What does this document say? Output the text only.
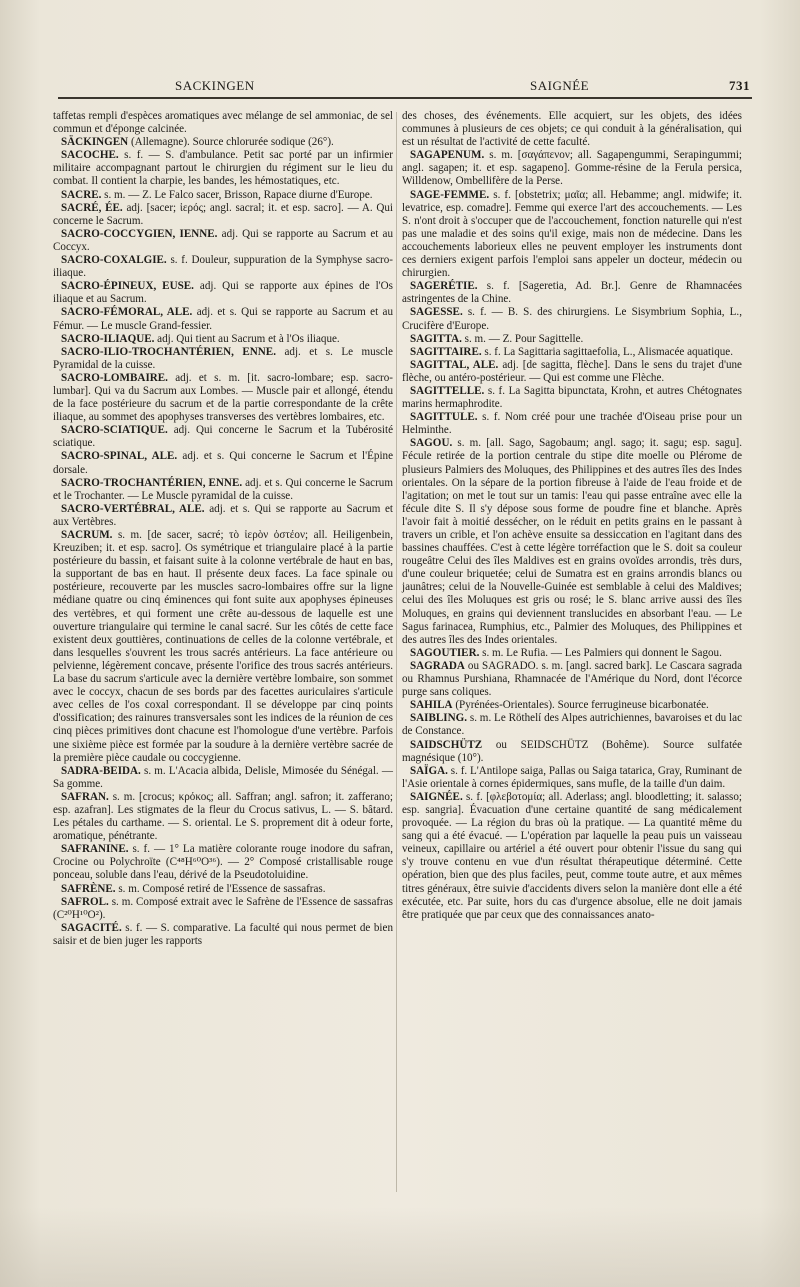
SACKINGEN	SAIGNÉE	731

taffetas rempli d'espèces aromatiques avec mélange de sel ammoniac, de sel commun et d'éponge calcinée.

SÄCKINGEN (Allemagne). Source chlorurée sodique (26°).

SACOCHE. s. f. — S. d'ambulance. Petit sac porté par un infirmier militaire accompagnant partout le chirurgien du régiment sur le lieu du combat. Il contient la charpie, les bandes, les hémostatiques, etc.

SACRE. s. m. — Z. Le Falco sacer, Brisson, Rapace diurne d'Europe.

SACRÉ, ÉE. adj. [sacer; ἱερός; angl. sacral; it. et esp. sacro]. — A. Qui concerne le Sacrum.

SACRO-COCCYGIEN, IENNE. adj. Qui se rapporte au Sacrum et au Coccyx.

SACRO-COXALGIE. s. f. Douleur, suppuration de la Symphyse sacro-iliaque.

SACRO-ÉPINEUX, EUSE. adj. Qui se rapporte aux épines de l'Os iliaque et au Sacrum.

SACRO-FÉMORAL, ALE. adj. et s. Qui se rapporte au Sacrum et au Fémur. — Le muscle Grand-fessier.

SACRO-ILIAQUE. adj. Qui tient au Sacrum et à l'Os iliaque.

SACRO-ILIO-TROCHANTÉRIEN, ENNE. adj. et s. Le muscle Pyramidal de la cuisse.

SACRO-LOMBAIRE. adj. et s. m. [it. sacro-lombare; esp. sacro-lumbar]. Qui va du Sacrum aux Lombes. — Muscle pair et allongé, étendu de la face postérieure du sacrum et de la partie correspondante de la crête iliaque, au sommet des apophyses transverses des vertèbres lombaires, etc.

SACRO-SCIATIQUE. adj. Qui concerne le Sacrum et la Tubérosité sciatique.

SACRO-SPINAL, ALE. adj. et s. Qui concerne le Sacrum et l'Épine dorsale.

SACRO-TROCHANTÉRIEN, ENNE. adj. et s. Qui concerne le Sacrum et le Trochanter. — Le Muscle pyramidal de la cuisse.

SACRO-VERTÉBRAL, ALE. adj. et s. Qui se rapporte au Sacrum et aux Vertèbres.

SACRUM. s. m. [de sacer, sacré; τὸ ἱερὸν ὀστέον; all. Heiligenbein, Kreuziben; it. et esp. sacro]. Os symétrique et triangulaire placé à la partie postérieure du bassin, et faisant suite à la colonne vertébrale de haut en bas, la supportant de bas en haut. Il présente deux faces. La face spinale ou postérieure, recouverte par les muscles sacro-lombaires offre sur la ligne médiane quatre ou cinq éminences qui font suite aux apophyses épineuses des vertèbres, et qui forment une crête au-dessous de laquelle est une ouverture triangulaire qui termine le canal sacré. Sur les côtés de cette face existent deux gouttières, continuations de celles de la colonne vertébrale, et dans lesquelles s'ouvrent les trous sacrés antérieurs. La face antérieure ou pelvienne, légèrement concave, présente l'orifice des trous sacrés antérieurs. La base du sacrum s'articule avec la dernière vertèbre lombaire, son sommet avec le coccyx, chacun de ses bords par des facettes auriculaires s'articule avec celles de l'os coxal correspondant. Il se développe par cinq points d'ossification; des rainures transversales sont les indices de la réunion de ces cinq pièces primitives dont chacune est l'homologue d'une vertèbre. Parfois une sixième pièce est formée par la soudure à la dernière vertèbre sacrée de la première pièce caudale ou coccygienne.

SADRA-BEIDA. s. m. L'Acacia albida, Delisle, Mimosée du Sénégal. — Sa gomme.

SAFRAN. s. m. [crocus; κρόκος; all. Saffran; angl. safron; it. zafferano; esp. azafran]. Les stigmates de la fleur du Crocus sativus, L. — S. bâtard. Les pétales du carthame. — S. oriental. Le S. proprement dit à odeur forte, aromatique, pénétrante.

SAFRANINE. s. f. — 1° La matière colorante rouge inodore du safran, Crocine ou Polychroïte (C⁴⁸H⁶⁰O³⁶). — 2° Composé cristallisable rouge ponceau, soluble dans l'eau, dérivé de la Pseudotoluidine.

SAFRÈNE. s. m. Composé retiré de l'Essence de sassafras.

SAFROL. s. m. Composé extrait avec le Safrène de l'Essence de sassafras (C²⁰H¹⁰O²).

SAGACITÉ. s. f. — S. comparative. La faculté qui nous permet de bien saisir et de bien juger les rapports

des choses, des événements. Elle acquiert, sur les objets, des idées communes à plusieurs de ces objets; ce qui conduit à la généralisation, qui est un résultat de l'activité de cette faculté.

SAGAPENUM. s. m. [σαγάπενον; all. Sagapengummi, Serapingummi; angl. sagapen; it. et esp. sagapeno]. Gomme-résine de la Ferula persica, Willdenow, Ombellifère de la Perse.

SAGE-FEMME. s. f. [obstetrix; μαῖα; all. Hebamme; angl. midwife; it. levatrice, esp. comadre]. Femme qui exerce l'art des accouchements. — Les S. n'ont droit à s'occuper que de l'accouchement, fonction naturelle qui n'est pas une maladie et des soins qu'il exige, mais non de médecine. Dans les accouchements laborieux elles ne peuvent employer les instruments dont ces derniers exigent parfois l'emploi sans appeler un docteur, médecin ou chirurgien.

SAGERÉTIE. s. f. [Sageretia, Ad. Br.]. Genre de Rhamnacées astringentes de la Chine.

SAGESSE. s. f. — B. S. des chirurgiens. Le Sisymbrium Sophia, L., Crucifère d'Europe.

SAGITTA. s. m. — Z. Pour Sagittelle.

SAGITTAIRE. s. f. La Sagittaria sagittaefolia, L., Alismacée aquatique.

SAGITTAL, ALE. adj. [de sagitta, flèche]. Dans le sens du trajet d'une flèche, ou antéro-postérieur. — Qui est comme une Flèche.

SAGITTELLE. s. f. La Sagitta bipunctata, Krohn, et autres Chétognates marins hermaphrodite.

SAGITTULE. s. f. Nom créé pour une trachée d'Oiseau prise pour un Helminthe.

SAGOU. s. m. [all. Sago, Sagobaum; angl. sago; it. sagu; esp. sagu]. Fécule retirée de la portion centrale du stipe dite moelle ou Plérome de plusieurs Palmiers des Moluques, des Philippines et des autres îles des Indes orientales. On la sépare de la portion fibreuse à l'aide de l'eau froide et de l'agitation; on met le tout sur un tamis: l'eau qui passe entraîne avec elle la fécule dite S. Il s'y dépose sous forme de poudre fine et blanche. Après l'avoir fait à moitié dessécher, on le réduit en petits grains en le passant à travers un crible, et l'on achève ensuite sa dessiccation en l'agitant dans des bassines chauffées. C'est à cette légère torréfaction que le S. doit sa couleur rougeâtre Celui des îles Maldives est en grains ovoïdes arrondis, très durs, d'une couleur briquetée; celui de Sumatra est en grains arrondis blancs ou jaunâtres; celui de la Nouvelle-Guinée est semblable à celui des Maldives; celui des îles Moluques est gris ou rosé; le S. blanc arrive aussi des îles Moluques, en grains qui deviennent translucides en absorbant l'eau. — Le Sagus farinacea, Rumphius, etc., Palmier des Moluques, des Philippines et des autres îles des Indes orientales.

SAGOUTIER. s. m. Le Rufia. — Les Palmiers qui donnent le Sagou.

SAGRADA ou SAGRADO. s. m. [angl. sacred bark]. Le Cascara sagrada ou Rhamnus Purshiana, Rhamnacée de l'Amérique du Nord, dont l'écorce purge sans coliques.

SAHILA (Pyrénées-Orientales). Source ferrugineuse bicarbonatée.

SAIBLING. s. m. Le Röthelí des Alpes autrichiennes, bavaroises et du lac de Constance.

SAIDSCHÜTZ ou SEIDSCHÜTZ (Bohême). Source sulfatée magnésique (10°).

SAÏGA. s. f. L'Antilope saiga, Pallas ou Saiga tatarica, Gray, Ruminant de l'Asie orientale à cornes épidermiques, sans mufle, de la taille d'un daim.

SAIGNÉE. s. f. [φλεβοτομία; all. Aderlass; angl. bloodletting; it. salasso; esp. sangria]. Évacuation d'une certaine quantité de sang médicalement provoquée. — La région du bras où la pratique. — La quantité même du sang qui a été évacué. — L'opération par laquelle la peau puis un vaisseau veineux, capillaire ou artériel a été ouvert pour obtenir l'issue du sang qui s'y trouve contenu en vue d'un résultat thérapeutique déterminé. Cette opération, bien que des plus faciles, peut, comme toute autre, et aux mêmes titres généraux, être suivie d'accidents divers selon la manière dont elle a été exécutée, etc. Par suite, hors du cas d'urgence absolue, elle ne doit jamais être pratiquée que par ceux que des connaissances anato-
